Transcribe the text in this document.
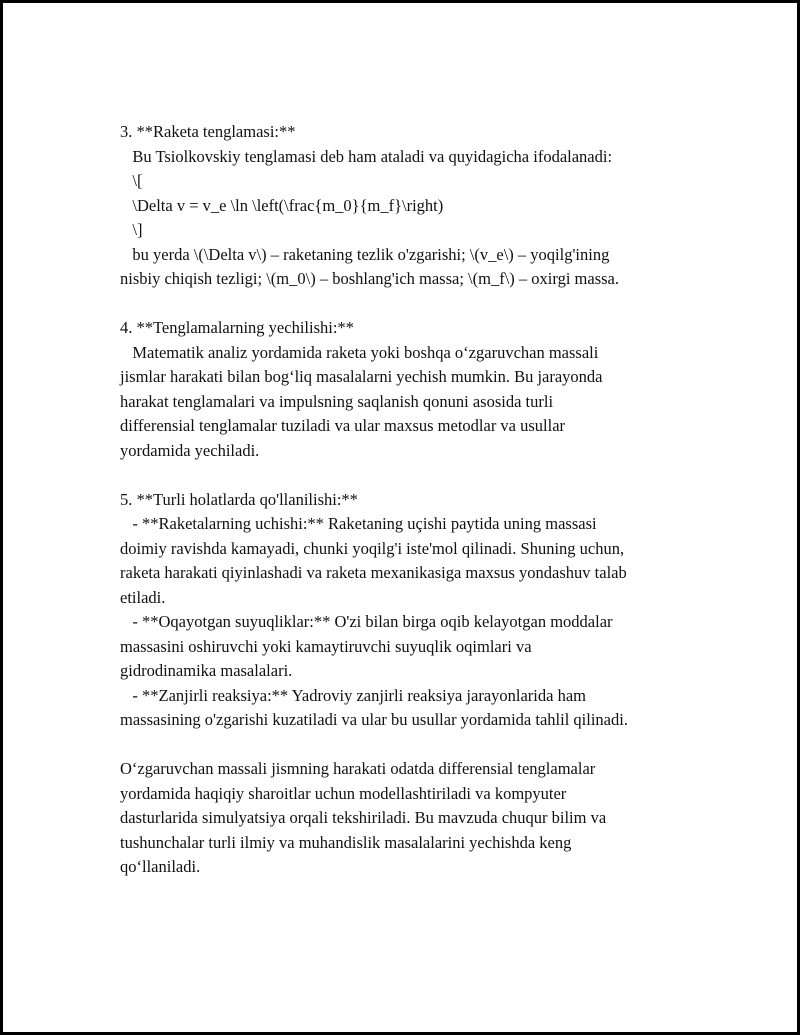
3. **Raketa tenglamasi:**
Bu Tsiolkovskiy tenglamasi deb ham ataladi va quyidagicha ifodalanadi:
\[
\Delta v = v_e \ln \left(\frac{m_0}{m_f}\right)
\]
bu yerda \(\Delta v\) – raketaning tezlik o'zgarishi; \(v_e\) – yoqilg'ining
nisbiy chiqish tezligi; \(m_0\) – boshlang'ich massa; \(m_f\) – oxirgi massa.
4. **Tenglamalarning yechilishi:**
Matematik analiz yordamida raketa yoki boshqa o‘zgaruvchan massali
jismlar harakati bilan bog‘liq masalalarni yechish mumkin. Bu jarayonda
harakat tenglamalari va impulsning saqlanish qonuni asosida turli
differensial tenglamalar tuziladi va ular maxsus metodlar va usullar
yordamida yechiladi.
5. **Turli holatlarda qo'llanilishi:**
- **Raketalarning uchishi:** Raketaning uçishi paytida uning massasi
doimiy ravishda kamayadi, chunki yoqilg'i iste'mol qilinadi. Shuning uchun,
raketa harakati qiyinlashadi va raketa mexanikasiga maxsus yondashuv talab
etiladi.
- **Oqayotgan suyuqliklar:** O'zi bilan birga oqib kelayotgan moddalar
massasini oshiruvchi yoki kamaytiruvchi suyuqlik oqimlari va
gidrodinamika masalalari.
- **Zanjirli reaksiya:** Yadroviy zanjirli reaksiya jarayonlarida ham
massasining o'zgarishi kuzatiladi va ular bu usullar yordamida tahlil qilinadi.
O‘zgaruvchan massali jismning harakati odatda differensial tenglamalar
yordamida haqiqiy sharoitlar uchun modellashtiriladi va kompyuter
dasturlarida simulyatsiya orqali tekshiriladi. Bu mavzuda chuqur bilim va
tushunchalar turli ilmiy va muhandislik masalalarini yechishda keng
qo‘llaniladi.
